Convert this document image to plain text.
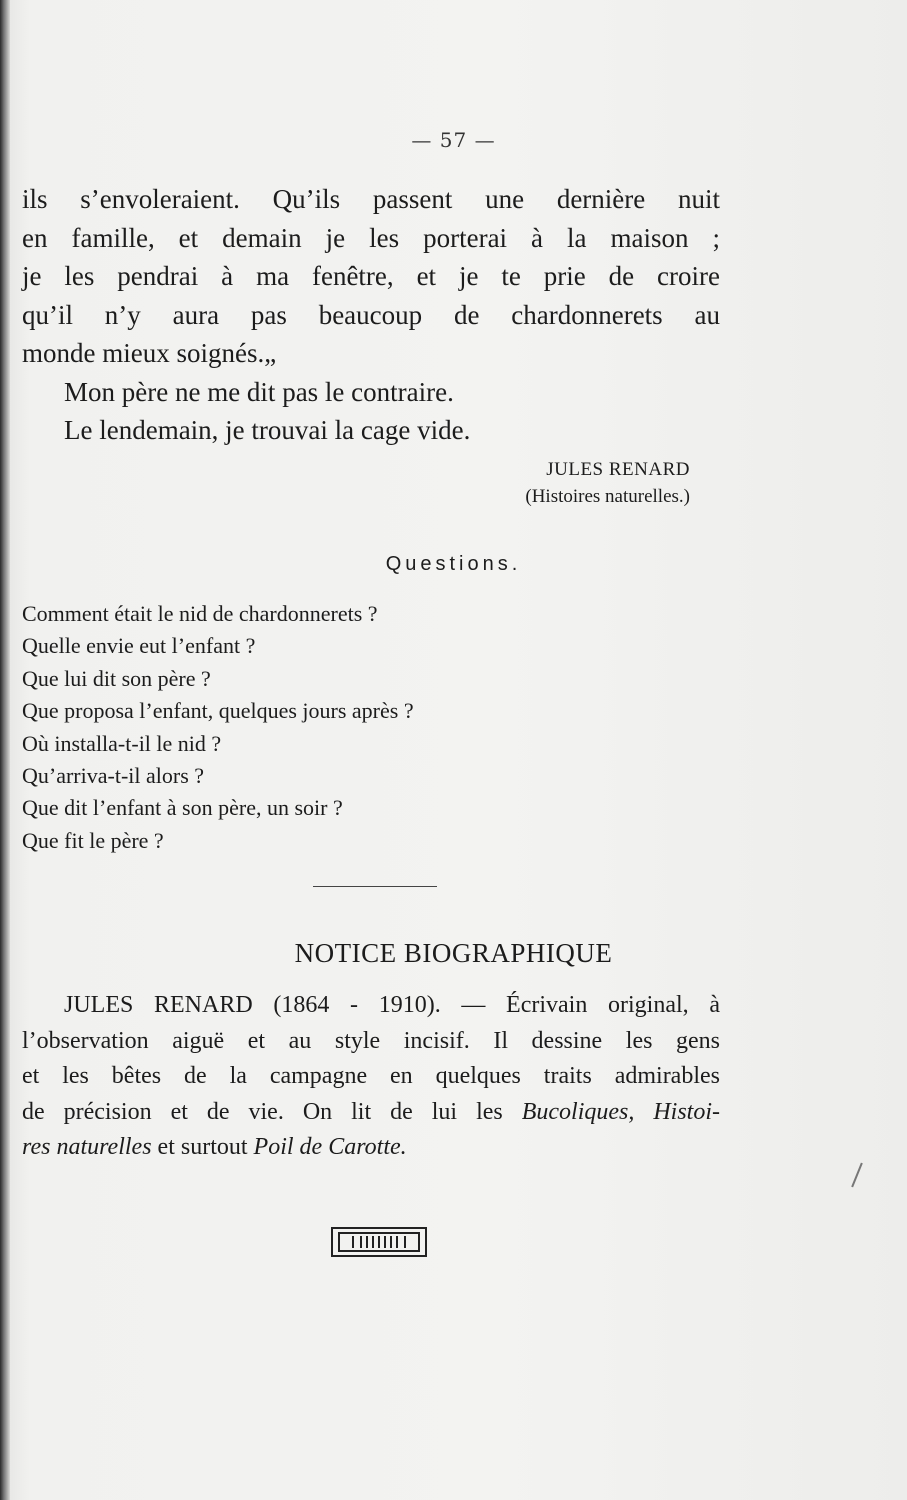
— 57 —
ils s’envoleraient. Qu’ils passent une dernière nuit
en famille, et demain je les porterai à la maison ;
je les pendrai à ma fenêtre, et je te prie de croire
qu’il n’y aura pas beaucoup de chardonnerets au
monde mieux soignés.„
Mon père ne me dit pas le contraire.
Le lendemain, je trouvai la cage vide.
JULES RENARD
(Histoires naturelles.)
Questions.
Comment était le nid de chardonnerets ?
Quelle envie eut l’enfant ?
Que lui dit son père ?
Que proposa l’enfant, quelques jours après ?
Où installa-t-il le nid ?
Qu’arriva-t-il alors ?
Que dit l’enfant à son père, un soir ?
Que fit le père ?
NOTICE BIOGRAPHIQUE
JULES RENARD (1864 - 1910). — Écrivain original, à
l’observation aiguë et au style incisif. Il dessine les gens
et les bêtes de la campagne en quelques traits admirables
de précision et de vie. On lit de lui les Bucoliques, Histoi-
res naturelles et surtout Poil de Carotte.
